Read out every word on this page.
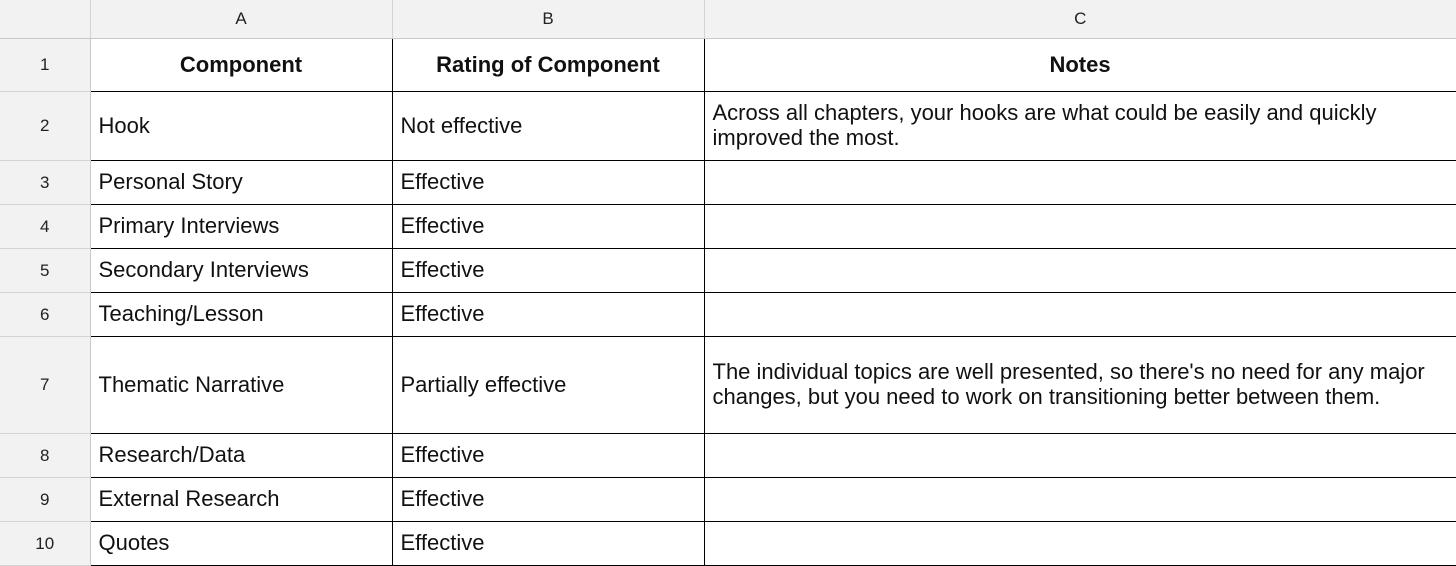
	A	B	C
1	Component	Rating of Component	Notes
2	Hook	Not effective	Across all chapters, your hooks are what could be easily and quickly improved the most.
3	Personal Story	Effective	
4	Primary Interviews	Effective	
5	Secondary Interviews	Effective	
6	Teaching/Lesson	Effective	
7	Thematic Narrative	Partially effective	The individual topics are well presented, so there's no need for any major changes, but you need to work on transitioning better between them.
8	Research/Data	Effective	
9	External Research	Effective	
10	Quotes	Effective	
